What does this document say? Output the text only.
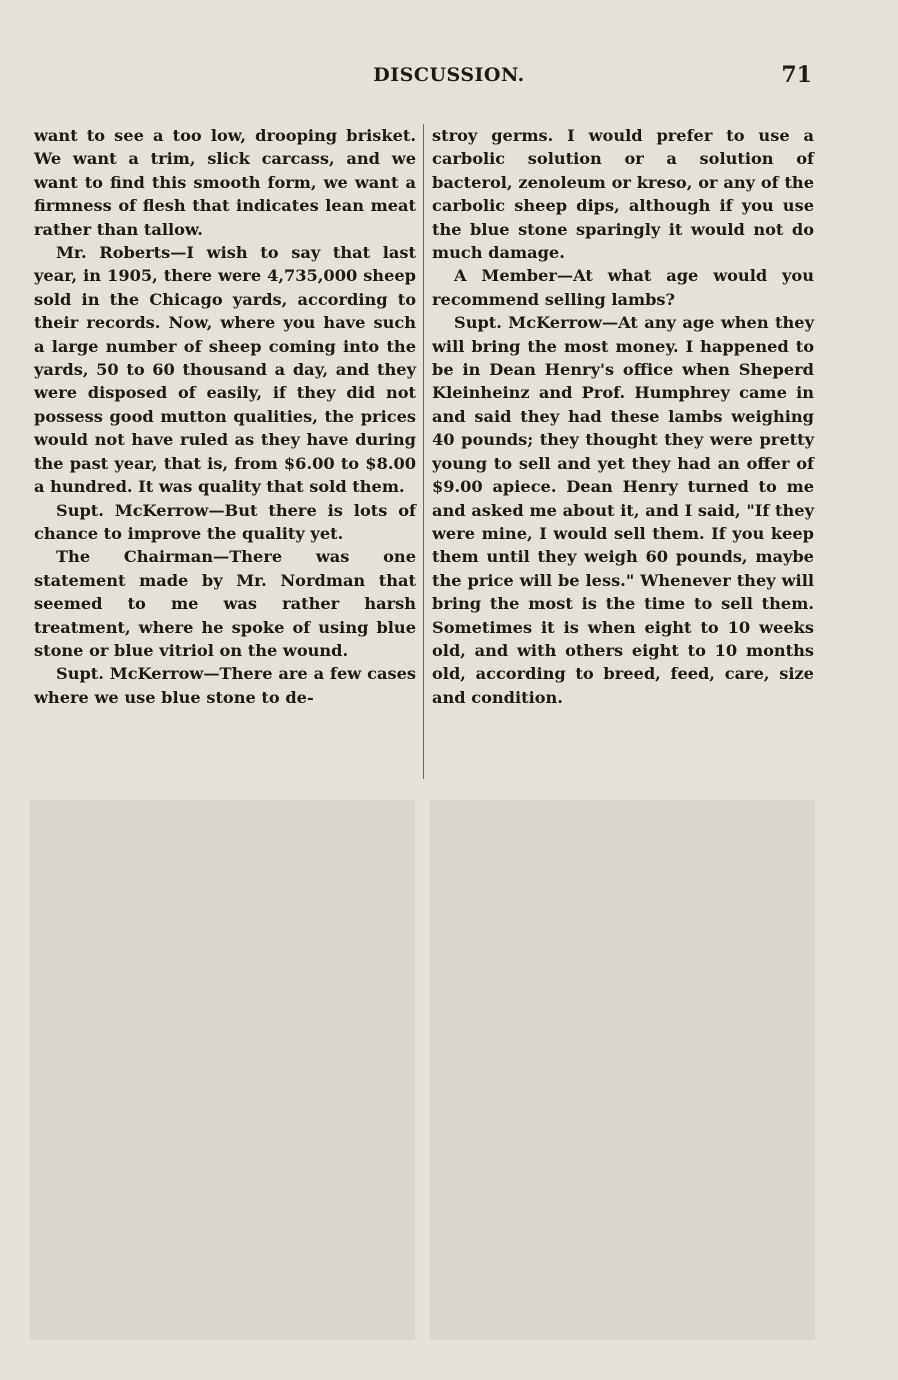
DISCUSSION.	71

want to see a too low, drooping brisket. We want a trim, slick carcass, and we want to find this smooth form, we want a firmness of flesh that indicates lean meat rather than tallow.

Mr. Roberts—I wish to say that last year, in 1905, there were 4,735,000 sheep sold in the Chicago yards, according to their records. Now, where you have such a large number of sheep coming into the yards, 50 to 60 thousand a day, and they were disposed of easily, if they did not possess good mutton qualities, the prices would not have ruled as they have during the past year, that is, from $6.00 to $8.00 a hundred. It was quality that sold them.

Supt. McKerrow—But there is lots of chance to improve the quality yet.

The Chairman—There was one statement made by Mr. Nordman that seemed to me was rather harsh treatment, where he spoke of using blue stone or blue vitriol on the wound.

Supt. McKerrow—There are a few cases where we use blue stone to de-

stroy germs. I would prefer to use a carbolic solution or a solution of bacterol, zenoleum or kreso, or any of the carbolic sheep dips, although if you use the blue stone sparingly it would not do much damage.

A Member—At what age would you recommend selling lambs?

Supt. McKerrow—At any age when they will bring the most money. I happened to be in Dean Henry's office when Sheperd Kleinheinz and Prof. Humphrey came in and said they had these lambs weighing 40 pounds; they thought they were pretty young to sell and yet they had an offer of $9.00 apiece. Dean Henry turned to me and asked me about it, and I said, "If they were mine, I would sell them. If you keep them until they weigh 60 pounds, maybe the price will be less." Whenever they will bring the most is the time to sell them. Sometimes it is when eight to 10 weeks old, and with others eight to 10 months old, according to breed, feed, care, size and condition.
